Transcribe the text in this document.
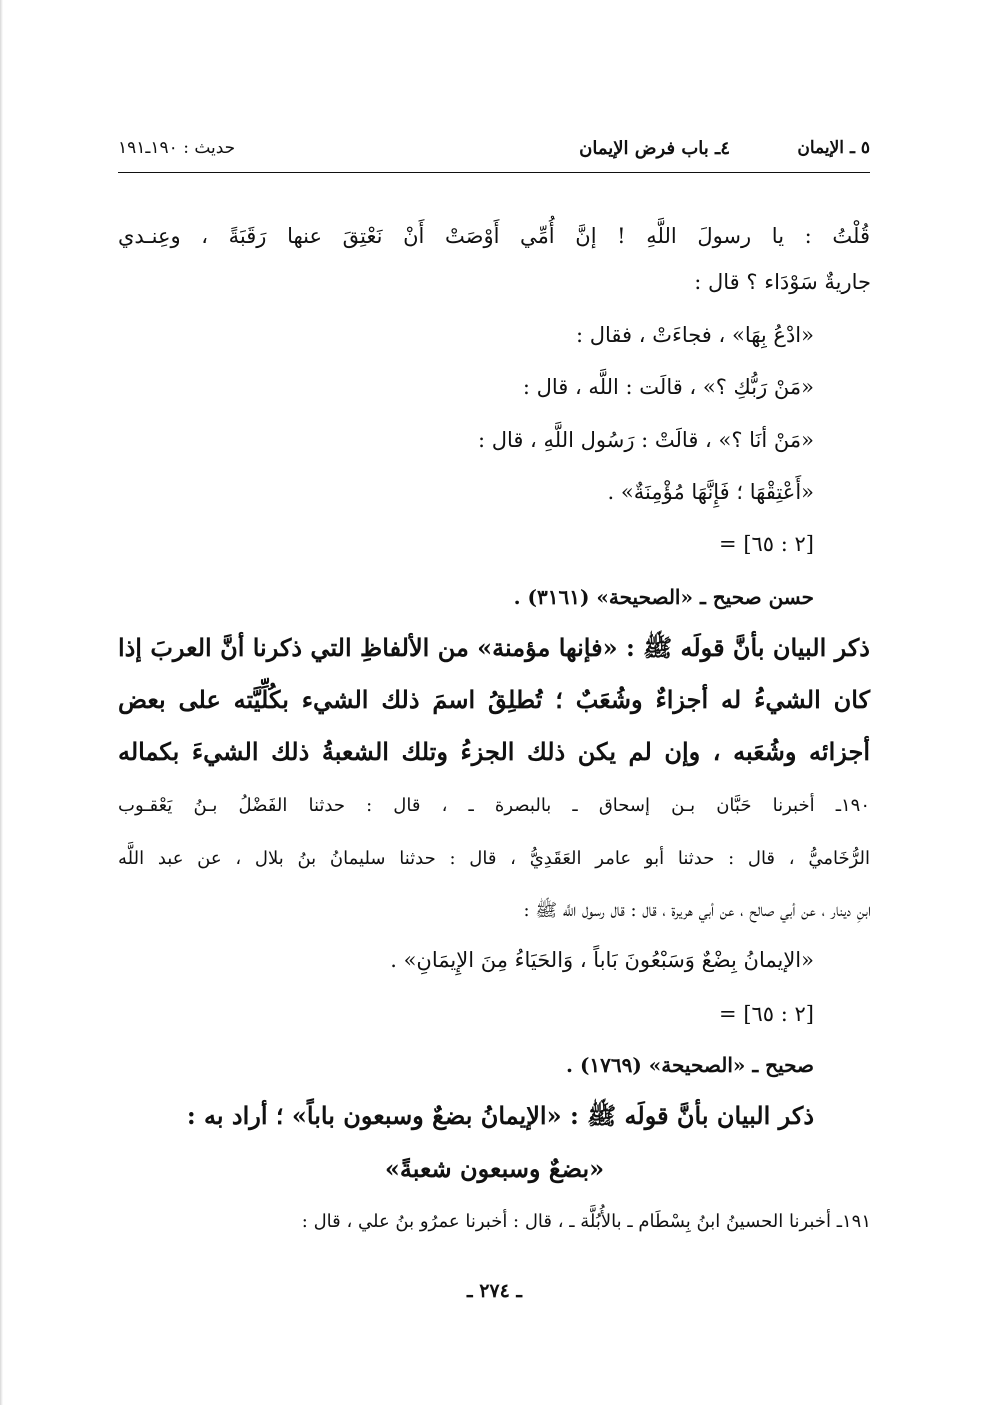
٥ ـ الإيمان
٤ـ باب فرض الإيمان
حديث : ١٩٠ـ١٩١
قُلْتُ : يا رسولَ اللَّهِ ! إنَّ أُمِّي أَوْصَتْ أَنْ نَعْتِقَ عنها رَقَبَةً ، وعِنـدي
جاريةٌ سَوْدَاء ؟ قال :
«ادْعُ بِهَا» ، فجاءَتْ ، فقال :
«مَنْ رَبُّكِ ؟» ، قالَت : اللَّه ، قال :
«مَنْ أنَا ؟» ، قالَتْ : رَسُول اللَّهِ ، قال :
«أَعْتِقْهَا ؛ فَإِنَّهَا مُؤْمِنَةٌ» .
[٢ : ٦٥] =
حسن صحيح ـ «الصحيحة» (٣١٦١) .
ذكر البيان بأنَّ قولَه ﷺ : «فإنها مؤمنة» من الألفاظِ التي ذكرنا أنَّ العربَ إذا
كان الشيءُ له أجزاءٌ وشُعَبٌ ؛ تُطلِقُ اسمَ ذلك الشيء بكُلِّيَّته على بعض
أجزائه وشُعَبه ، وإن لم يكن ذلك الجزءُ وتلك الشعبةُ ذلك الشيءَ بكماله
١٩٠ـ أخبرنا حَبَّان بـن إسحاق ـ بالبصرة ـ ، قال : حدثنا الفَضْلُ بـنُ يَعْقـوب
الرُّخَاميُّ ، قال : حدثنا أبو عامر العَقَدِيُّ ، قال : حدثنا سليمانُ بنُ بلال ، عن عبد اللَّه
ابنِ دينار ، عن أبي صالح ، عن أبي هريرة ، قال : قال رسول اللَّه ﷺ :
«الإيمانُ بِضْعٌ وَسَبْعُونَ بَاباً ، وَالحَيَاءُ مِنَ الإِيمَانِ» .
[٢ : ٦٥] =
صحيح ـ «الصحيحة» (١٧٦٩) .
ذكر البيان بأنَّ قولَه ﷺ : «الإيمانُ بضعٌ وسبعون باباً» ؛ أراد به :
«بضعٌ وسبعون شعبةً»
١٩١ـ أخبرنا الحسينُ ابنُ بِسْطَام ـ بالأُبُلَّة ـ ، قال : أخبرنا عمرُو بنُ علي ، قال :
ـ ٢٧٤ ـ
